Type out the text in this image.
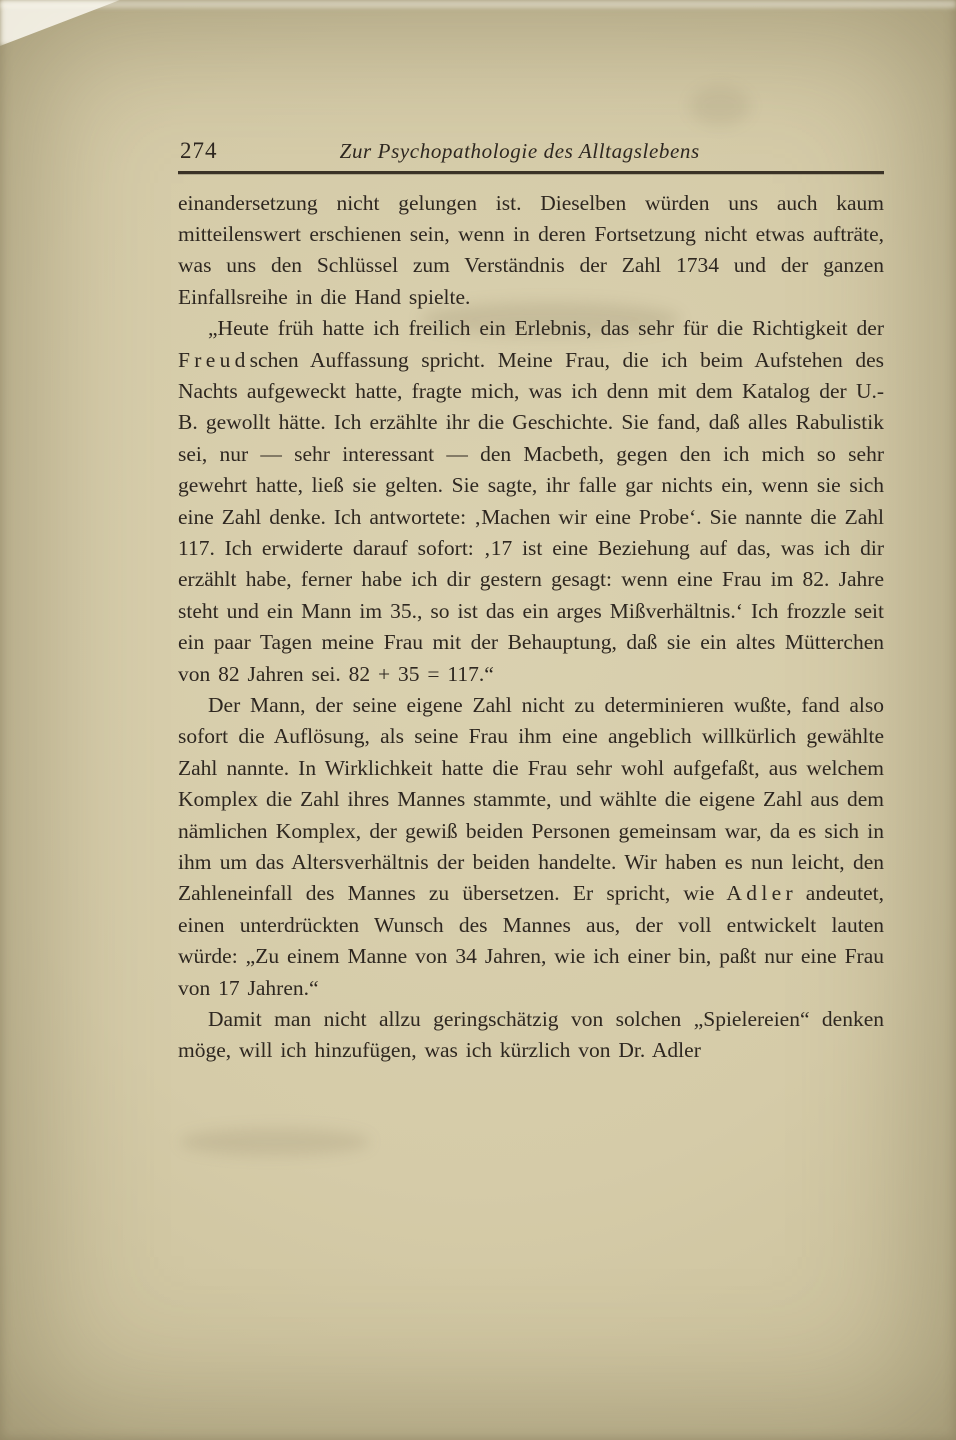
274	Zur Psychopathologie des Alltagslebens

einandersetzung nicht gelungen ist. Dieselben würden uns auch kaum mitteilenswert erschienen sein, wenn in deren Fortsetzung nicht etwas aufträte, was uns den Schlüssel zum Verständnis der Zahl 1734 und der ganzen Einfallsreihe in die Hand spielte.

„Heute früh hatte ich freilich ein Erlebnis, das sehr für die Richtigkeit der F r e u d schen Auffassung spricht. Meine Frau, die ich beim Aufstehen des Nachts aufgeweckt hatte, fragte mich, was ich denn mit dem Katalog der U.-B. gewollt hätte. Ich erzählte ihr die Geschichte. Sie fand, daß alles Rabulistik sei, nur — sehr interessant — den Macbeth, gegen den ich mich so sehr gewehrt hatte, ließ sie gelten. Sie sagte, ihr falle gar nichts ein, wenn sie sich eine Zahl denke. Ich antwortete: ‚Machen wir eine Probe‘. Sie nannte die Zahl 117. Ich erwiderte darauf sofort: ‚17 ist eine Beziehung auf das, was ich dir erzählt habe, ferner habe ich dir gestern gesagt: wenn eine Frau im 82. Jahre steht und ein Mann im 35., so ist das ein arges Mißverhältnis.‘ Ich frozzle seit ein paar Tagen meine Frau mit der Behauptung, daß sie ein altes Mütterchen von 82 Jahren sei. 82 + 35 = 117.“

Der Mann, der seine eigene Zahl nicht zu determinieren wußte, fand also sofort die Auflösung, als seine Frau ihm eine angeblich willkürlich gewählte Zahl nannte. In Wirklichkeit hatte die Frau sehr wohl aufgefaßt, aus welchem Komplex die Zahl ihres Mannes stammte, und wählte die eigene Zahl aus dem nämlichen Komplex, der gewiß beiden Personen gemeinsam war, da es sich in ihm um das Altersverhältnis der beiden handelte. Wir haben es nun leicht, den Zahleneinfall des Mannes zu übersetzen. Er spricht, wie A d l e r andeutet, einen unterdrückten Wunsch des Mannes aus, der voll entwickelt lauten würde: „Zu einem Manne von 34 Jahren, wie ich einer bin, paßt nur eine Frau von 17 Jahren.“

Damit man nicht allzu geringschätzig von solchen „Spielereien“ denken möge, will ich hinzufügen, was ich kürzlich von Dr. Adler
